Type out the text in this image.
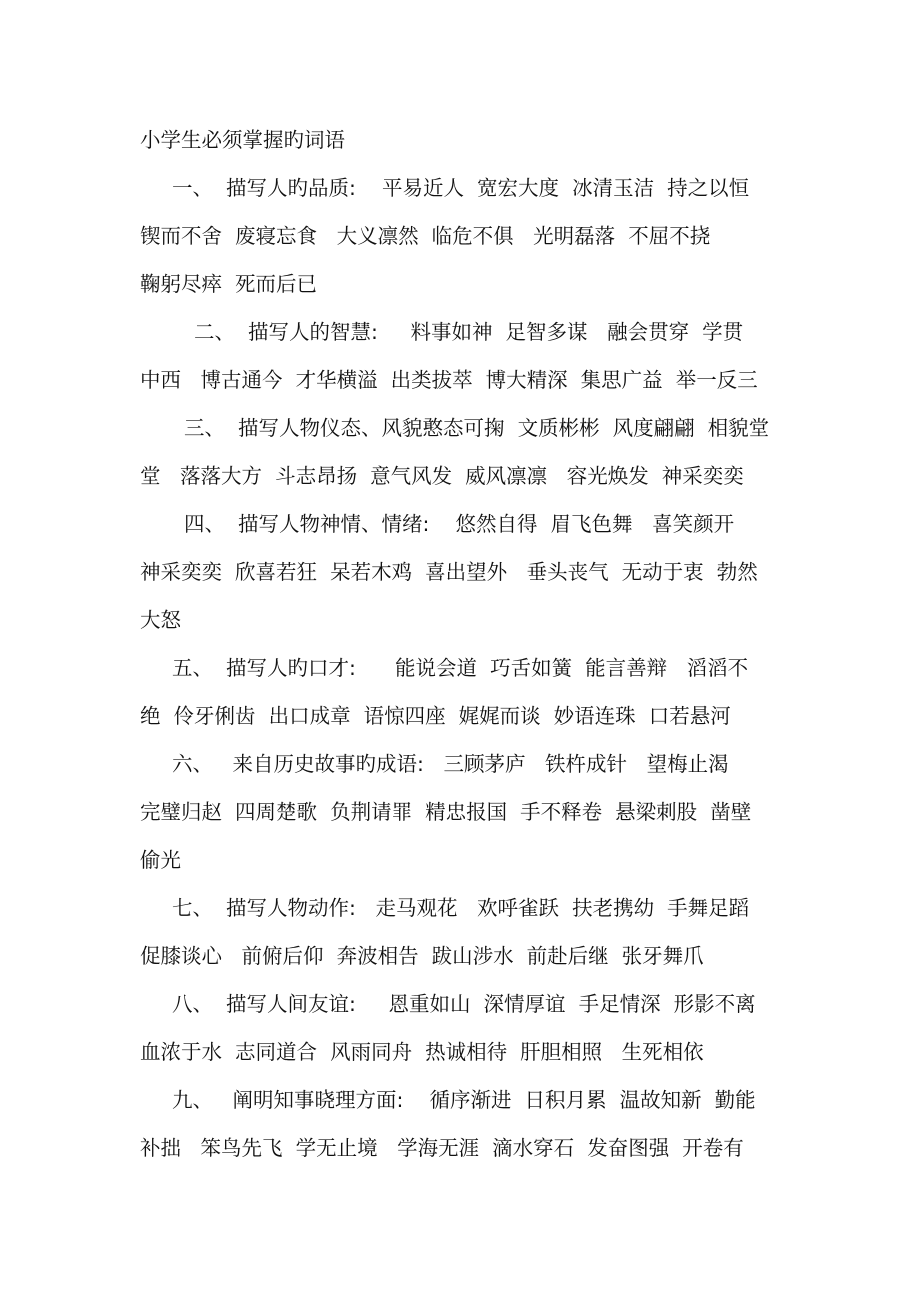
小学生必须掌握旳词语
一、  描写人旳品质:    平易近人  宽宏大度  冰清玉洁  持之以恒
锲而不舍  废寝忘食   大义凛然  临危不俱   光明磊落  不屈不挠
鞠躬尽瘁  死而后已
二、  描写人的智慧:     料事如神  足智多谋   融会贯穿  学贯
中西   博古通今  才华横溢  出类拔萃  博大精深  集思广益  举一反三
三、  描写人物仪态、风貌憨态可掬  文质彬彬  风度翩翩  相貌堂
堂   落落大方  斗志昂扬  意气风发  威风凛凛   容光焕发  神采奕奕
四、  描写人物神情、情绪:    悠然自得  眉飞色舞   喜笑颜开
神采奕奕  欣喜若狂  呆若木鸡  喜出望外   垂头丧气  无动于衷  勃然
大怒
五、  描写人旳口才:      能说会道  巧舌如簧  能言善辩   滔滔不
绝  伶牙俐齿  出口成章  语惊四座  娓娓而谈  妙语连珠  口若悬河
六、   来自历史故事旳成语:   三顾茅庐   铁杵成针   望梅止渴
完璧归赵  四周楚歌  负荆请罪  精忠报国  手不释卷  悬梁刺股  凿壁
偷光
七、  描写人物动作:   走马观花   欢呼雀跃  扶老携幼  手舞足蹈
促膝谈心   前俯后仰  奔波相告  跋山涉水  前赴后继  张牙舞爪
八、  描写人间友谊:     恩重如山  深情厚谊  手足情深  形影不离
血浓于水  志同道合  风雨同舟  热诚相待  肝胆相照   生死相依
九、   阐明知事晓理方面:    循序渐进  日积月累  温故知新  勤能
补拙   笨鸟先飞  学无止境   学海无涯  滴水穿石  发奋图强  开卷有
